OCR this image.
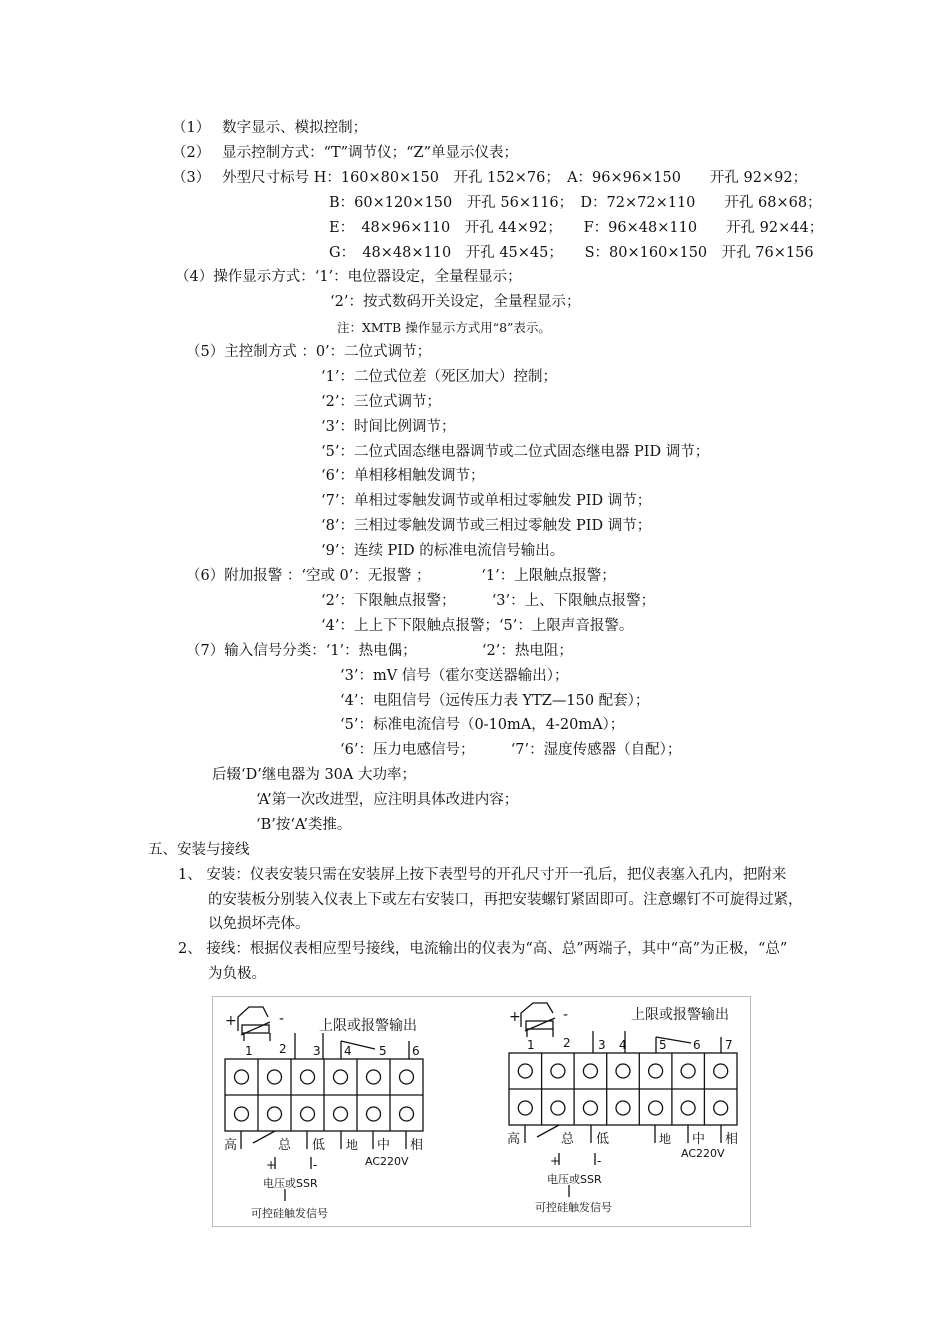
（1）　 数字显示、模拟控制；
（2）　 显示控制方式：“T”调节仪；“Z”单显示仪表；
（3）　 外型尺寸标号 H：160×80×150　开孔 152×76；　A：96×96×150　　开孔 92×92；
B：60×120×150　开孔 56×116；　D：72×72×110　　开孔 68×68；
E：　48×96×110　开孔 44×92；　　F：96×48×110　　开孔 92×44；
G：　48×48×110　开孔 45×45；　　S：80×160×150　开孔 76×156
（4）操作显示方式：‘1’：电位器设定，全量程显示；
‘2’：按式数码开关设定，全量程显示；
注：XMTB 操作显示方式用“8”表示。
（5）主控制方式 ：0’：二位式调节；
‘1’：二位式位差（死区加大）控制；
‘2’：三位式调节；
‘3’：时间比例调节；
‘5’：二位式固态继电器调节或二位式固态继电器 PID 调节；
‘6’：单相移相触发调节；
‘7’：单相过零触发调节或单相过零触发 PID 调节；
‘8’：三相过零触发调节或三相过零触发 PID 调节；
‘9’：连续 PID 的标准电流信号输出。
（6）附加报警 ：‘空或 0’：无报警 ；　　　　‘1’：上限触点报警；
‘2’：下限触点报警；　　　‘3’：上、下限触点报警；
‘4’：上上下下限触点报警；‘5’：上限声音报警。
（7）输入信号分类：‘1’：热电偶；　　　　　‘2’：热电阻；
‘3’：mV 信号（霍尔变送器输出）；
‘4’：电阻信号（远传压力表 YTZ—150 配套）；
‘5’：标准电流信号（0-10mA，4-20mA）；
‘6’：压力电感信号；　　　‘7’：湿度传感器（自配）；
后辍‘D’继电器为 30A 大功率；
‘A’第一次改进型，应注明具体改进内容；
‘B’按‘A’类推。
五、安装与接线
1、 安装：仪表安装只需在安装屏上按下表型号的开孔尺寸开一孔后，把仪表塞入孔内，把附来
的安装板分别装入仪表上下或左右安装口，再把安装螺钉紧固即可。注意螺钉不可旋得过紧，
以免损坏壳体。
2、 接线：根据仪表相应型号接线，电流输出的仪表为“高、总”两端子，其中“高”为正极，“总”
为负极。
+	- 上限或报警输出
1 2 3 4 5 6
高	总 低 地 中 相
AC220V
+	-
电压或SSR
可控硅触发信号
+	-	上限或报警输出
1 2 3 4	5 6 7
高	总 低	地 中 相
AC220V
+	-
电压或SSR
可控硅触发信号
